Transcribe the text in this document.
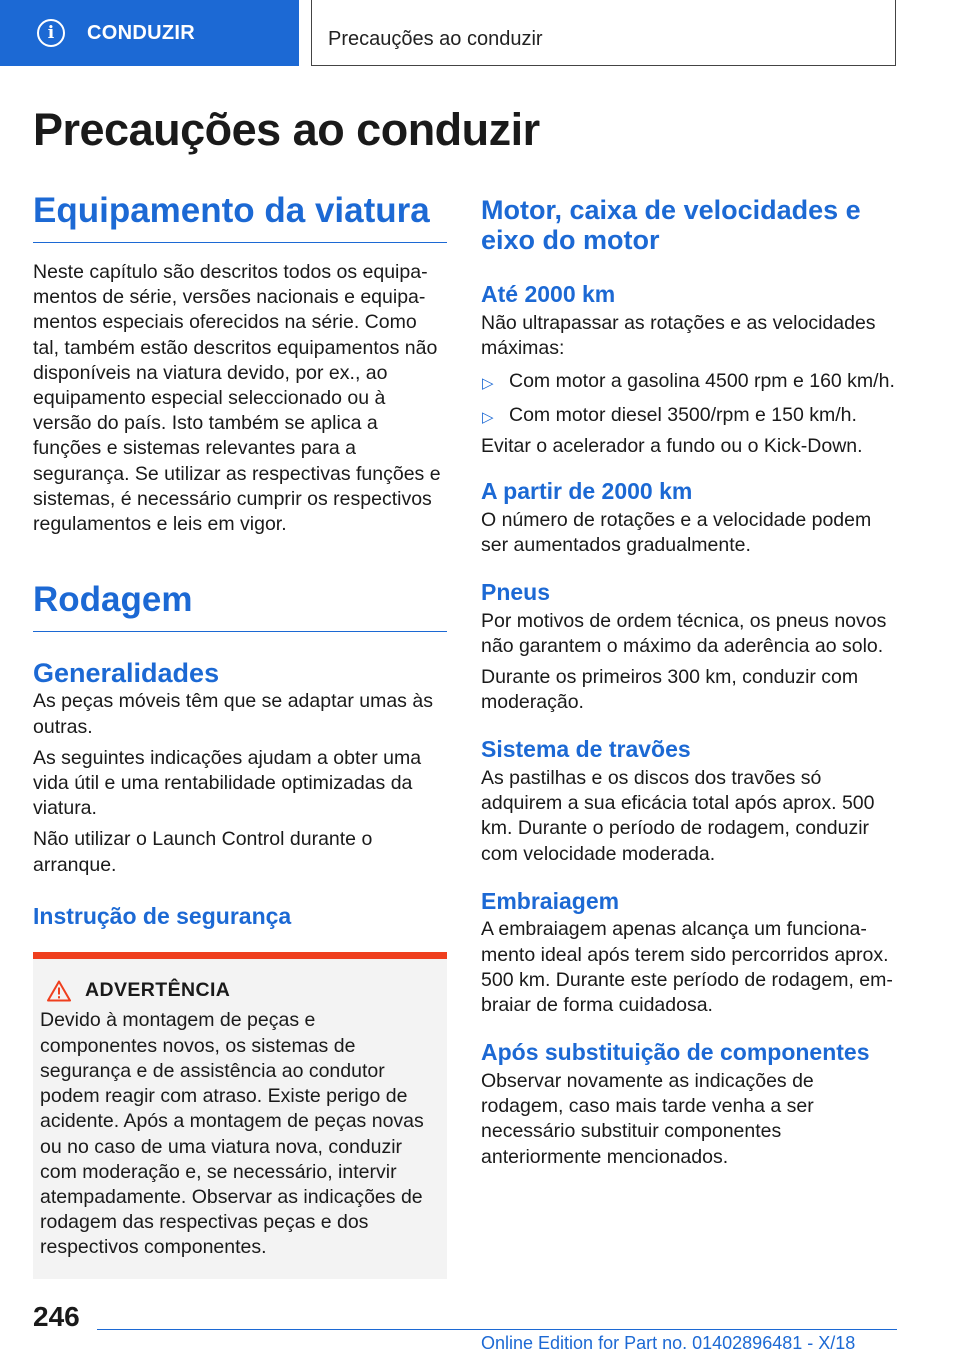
i	CONDUZIR	Precauções ao conduzir
Precauções ao conduzir
Equipamento da viatura

Neste capítulo são descritos todos os equipamentos de série, versões nacionais e equipamentos especiais oferecidos na série. Como tal, também estão descritos equipamentos não disponíveis na viatura devido, por ex., ao equipamento especial seleccionado ou à versão do país. Isto também se aplica a funções e sistemas relevantes para a segurança. Se utilizar as respectivas funções e sistemas, é necessário cumprir os respectivos regulamentos e leis em vigor.

Rodagem
Generalidades

As peças móveis têm que se adaptar umas às outras.

As seguintes indicações ajudam a obter uma vida útil e uma rentabilidade optimizadas da viatura.

Não utilizar o Launch Control durante o arranque.

Instrução de segurança
ADVERTÊNCIA

Devido à montagem de peças e componentes novos, os sistemas de segurança e de assistência ao condutor podem reagir com atraso. Existe perigo de acidente. Após a montagem de peças novas ou no caso de uma viatura nova, conduzir com moderação e, se necessário, intervir atempadamente. Observar as indicações de rodagem das respectivas peças e dos respectivos componentes.

Motor, caixa de velocidades e eixo do motor
Até 2000 km

Não ultrapassar as rotações e as velocidades máximas:

▷ Com motor a gasolina 4500 rpm e 160 km/h.
▷ Com motor diesel 3500/rpm e 150 km/h.

Evitar o acelerador a fundo ou o Kick-Down.

A partir de 2000 km

O número de rotações e a velocidade podem ser aumentados gradualmente.

Pneus

Por motivos de ordem técnica, os pneus novos não garantem o máximo da aderência ao solo.

Durante os primeiros 300 km, conduzir com moderação.

Sistema de travões

As pastilhas e os discos dos travões só adquirem a sua eficácia total após aprox. 500 km. Durante o período de rodagem, conduzir com velocidade moderada.

Embraiagem

A embraiagem apenas alcança um funcionamento ideal após terem sido percorridos aprox. 500 km. Durante este período de rodagem, embraiar de forma cuidadosa.

Após substituição de componentes

Observar novamente as indicações de rodagem, caso mais tarde venha a ser necessário substituir componentes anteriormente mencionados.

246
Online Edition for Part no. 01402896481 - X/18
